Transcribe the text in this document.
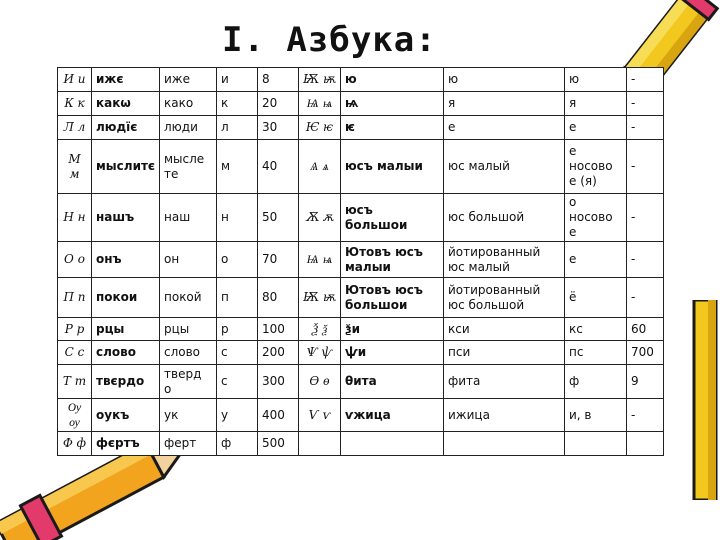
I. Азбука:
И и	ижє	иже	и	8	Ѭ ѭ	ю	ю	ю	-
К к	какѡ	како	к	20	Ѩ ѩ	ѩ	я	я	-
Л л	людїє	люди	л	30	Ѥ ѥ	ѥ	е	е	-
М м	мыслитє	мысле те	м	40	Ѧ ѧ	юсъ малыи	юс малый	е носово е (я)	-
Н н	нашъ	наш	н	50	Ѫ ѫ	юсъ большои	юс большой	о носово е	-
О о	онъ	он	о	70	Ѩ ѩ	Ютовъ юсъ малыи	йотированный юс малый	е	-
П п	покои	покой	п	80	Ѭ ѭ	Ютовъ юсъ большои	йотированный юс большой	ё	-
Р р	рцы	рцы	р	100	Ѯ ѯ	ѯи	кси	кс	60
С с	слово	слово	с	200	Ѱ ѱ	ѱи	пси	пс	700
Т т	твєрдо	тверд о	с	300	Ѳ ѳ	θита	фита	ф	9
Ѹ ѹ	оукъ	ук	у	400	Ѵ ѵ	ѵжица	ижица	и, в	-
Ф ф	фєртъ	ферт	ф	500					
